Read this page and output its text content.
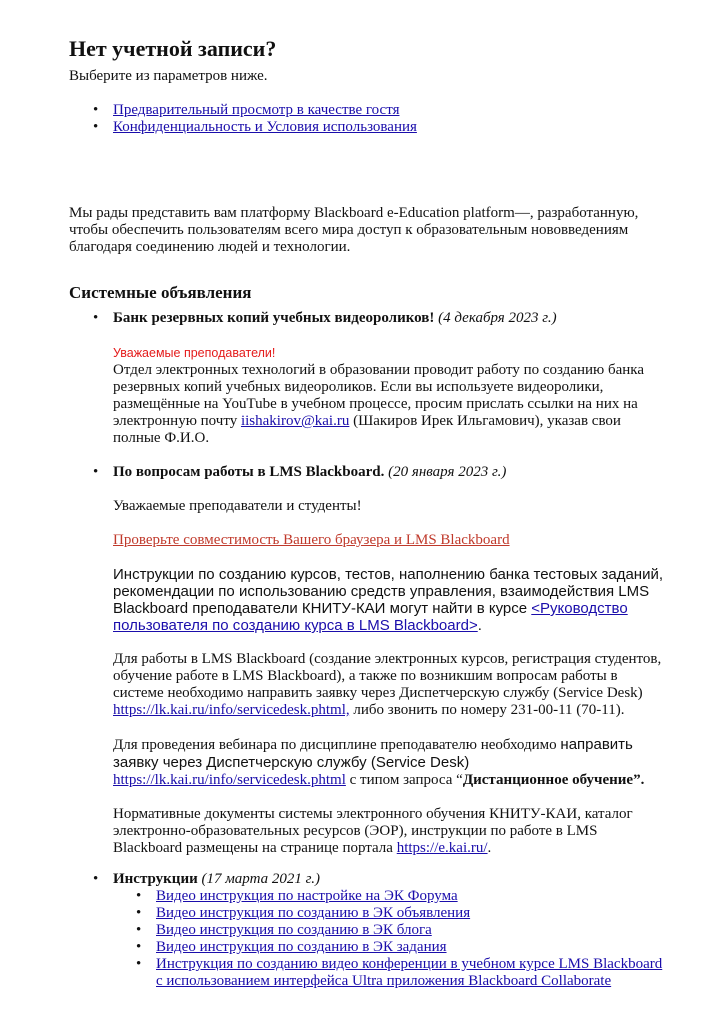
Нет учетной записи?

Выберите из параметров ниже.

• Предварительный просмотр в качестве гостя
• Конфиденциальность и Условия использования

Мы рады представить вам платформу Blackboard e-Education platform—, разработанную, чтобы обеспечить пользователям всего мира доступ к образовательным нововведениям благодаря соединению людей и технологии.

Системные объявления
• Банк резервных копий учебных видеороликов! (4 декабря 2023 г.)

Уважаемые преподаватели!

Отдел электронных технологий в образовании проводит работу по созданию банка резервных копий учебных видеороликов. Если вы используете видеоролики, размещённые на YouTube в учебном процессе, просим прислать ссылки на них на электронную почту iishakirov@kai.ru (Шакиров Ирек Ильгамович), указав свои полные Ф.И.О.

• По вопросам работы в LMS Blackboard. (20 января 2023 г.)

Уважаемые преподаватели и студенты!

Проверьте совместимость Вашего браузера и LMS Blackboard

Инструкции по созданию курсов, тестов, наполнению банка тестовых заданий, рекомендации по использованию средств управления, взаимодействия LMS Blackboard преподаватели КНИТУ-КАИ могут найти в курсе <Руководство пользователя по созданию курса в LMS Blackboard>.

Для работы в LMS Blackboard (создание электронных курсов, регистрация студентов, обучение работе в LMS Blackboard), а также по возникшим вопросам работы в системе необходимо направить заявку через Диспетчерскую службу (Service Desk) https://lk.kai.ru/info/servicedesk.phtml, либо звонить по номеру 231-00-11 (70-11).

Для проведения вебинара по дисциплине преподавателю необходимо направить заявку через Диспетчерскую службу (Service Desk) https://lk.kai.ru/info/servicedesk.phtml с типом запроса “Дистанционное обучение”.

Нормативные документы системы электронного обучения КНИТУ-КАИ, каталог электронно-образовательных ресурсов (ЭОР), инструкции по работе в LMS Blackboard размещены на странице портала https://e.kai.ru/.

• Инструкции (17 марта 2021 г.)
• Видео инструкция по настройке на ЭК Форума
• Видео инструкция по созданию в ЭК объявления
• Видео инструкция по созданию в ЭК блога
• Видео инструкция по созданию в ЭК задания
• Инструкция по созданию видео конференции в учебном курсе LMS Blackboard с использованием интерфейса Ultra приложения Blackboard Collaborate
